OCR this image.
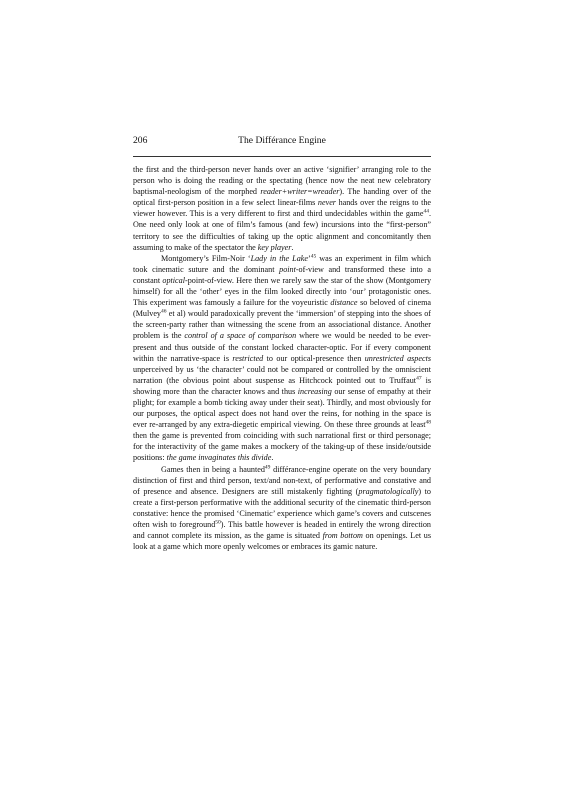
206	The Différance Engine

the first and the third-person never hands over an active ‘signifier’ arranging role to the person who is doing the reading or the spectating (hence now the neat new celebratory baptismal-neologism of the morphed reader+writer=wreader). The handing over of the optical first-person position in a few select linear-films never hands over the reigns to the viewer however. This is a very different to first and third undecidables within the game$^{44}$. One need only look at one of film’s famous (and few) incursions into the “first-person” territory to see the difficulties of taking up the optic alignment and concomitantly then assuming to make of the spectator the key player.

Montgomery’s Film-Noir ‘Lady in the Lake’$^{45}$ was an experiment in film which took cinematic suture and the dominant point-of-view and transformed these into a constant optical-point-of-view. Here then we rarely saw the star of the show (Montgomery himself) for all the ‘other’ eyes in the film looked directly into ‘our’ protagonistic ones. This experiment was famously a failure for the voyeuristic distance so beloved of cinema (Mulvey$^{46}$ et al) would paradoxically prevent the ‘immersion’ of stepping into the shoes of the screen-party rather than witnessing the scene from an associational distance. Another problem is the control of a space of comparison where we would be needed to be ever-present and thus outside of the constant locked character-optic. For if every component within the narrative-space is restricted to our optical-presence then unrestricted aspects unperceived by us ‘the character’ could not be compared or controlled by the omniscient narration (the obvious point about suspense as Hitchcock pointed out to Truffaut$^{47}$ is showing more than the character knows and thus increasing our sense of empathy at their plight; for example a bomb ticking away under their seat). Thirdly, and most obviously for our purposes, the optical aspect does not hand over the reins, for nothing in the space is ever re-arranged by any extra-diegetic empirical viewing. On these three grounds at least$^{48}$ then the game is prevented from coinciding with such narrational first or third personage; for the interactivity of the game makes a mockery of the taking-up of these inside/outside positions: the game invaginates this divide.

Games then in being a haunted$^{49}$ différance-engine operate on the very boundary distinction of first and third person, text/and non-text, of performative and constative and of presence and absence. Designers are still mistakenly fighting (pragmatologically) to create a first-person performative with the additional security of the cinematic third-person constative: hence the promised ‘Cinematic’ experience which game’s covers and cutscenes often wish to foreground$^{50}$). This battle however is headed in entirely the wrong direction and cannot complete its mission, as the game is situated from bottom on openings. Let us look at a game which more openly welcomes or embraces its gamic nature.
